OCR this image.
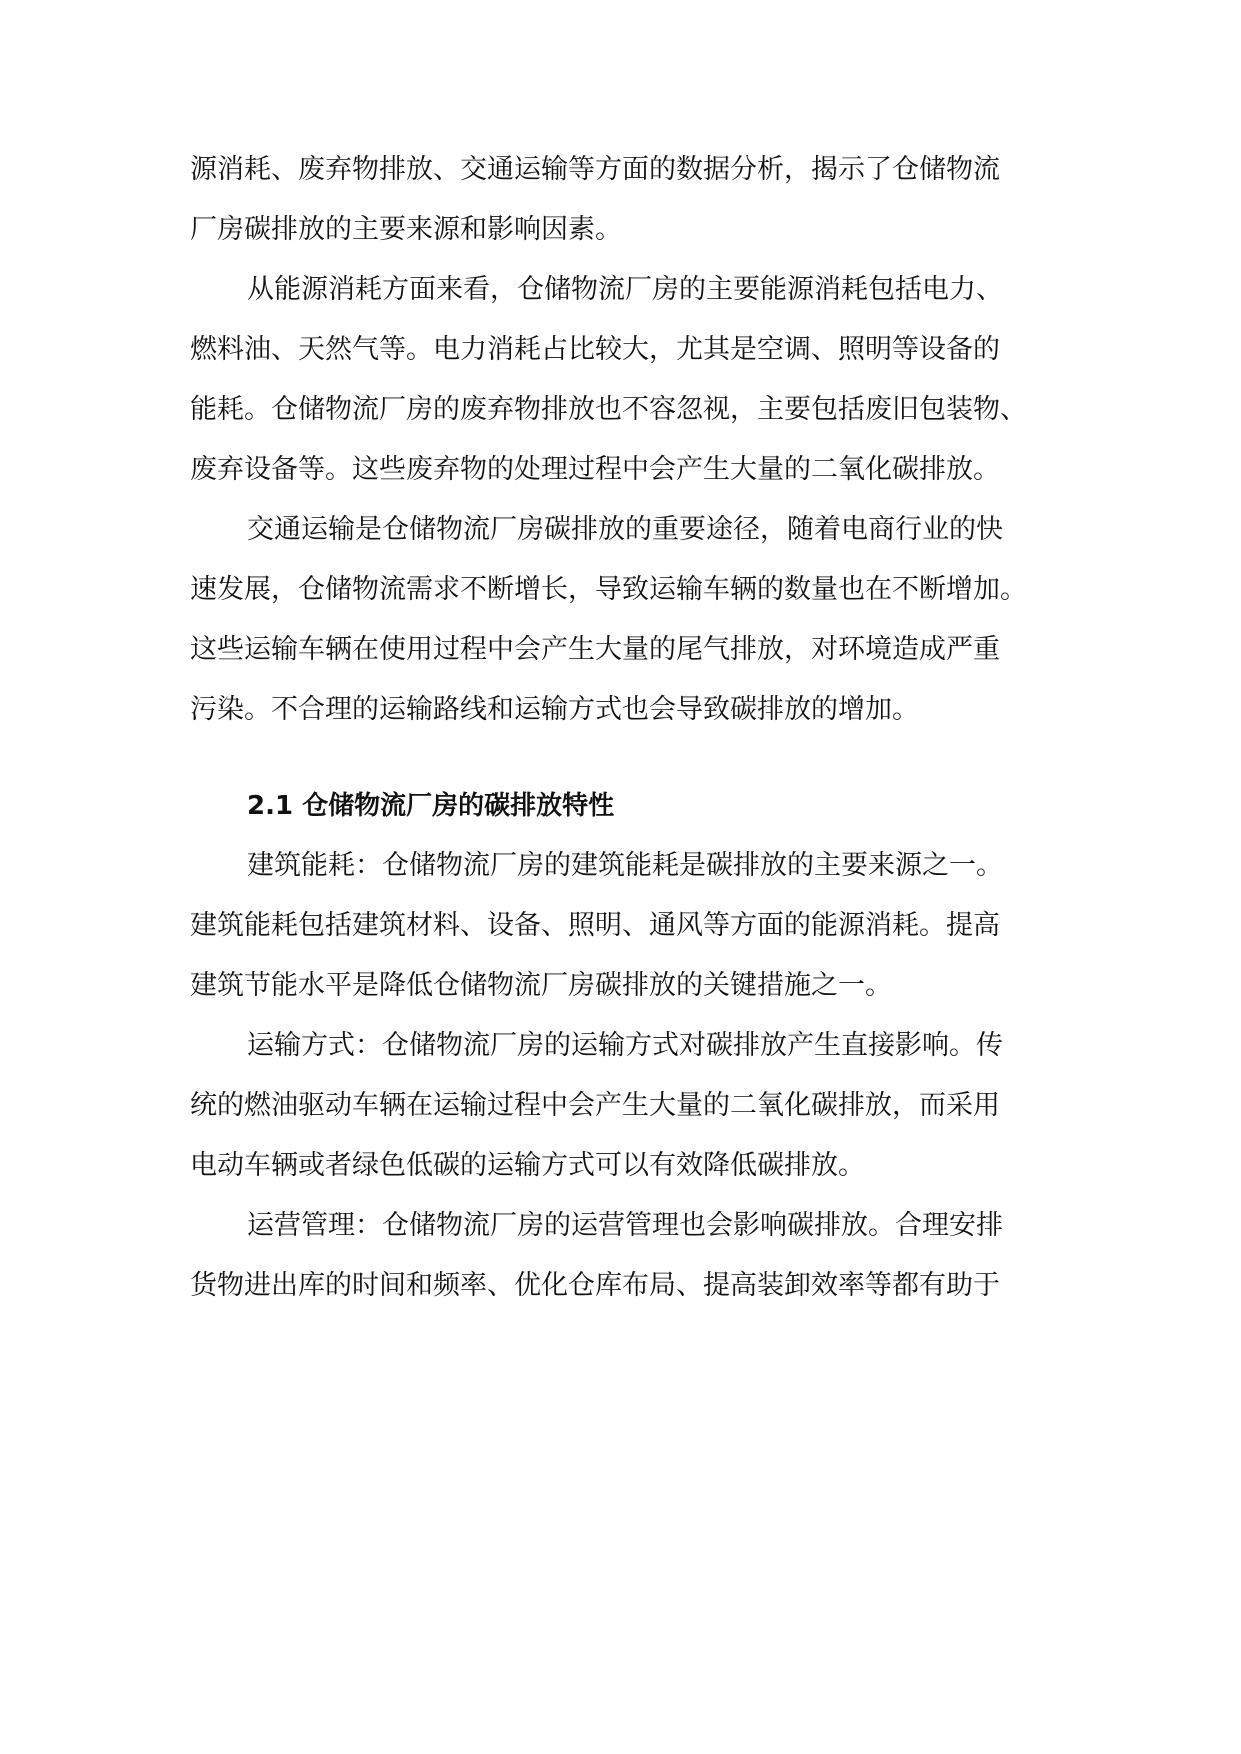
源消耗、废弃物排放、交通运输等方面的数据分析，揭示了仓储物流
厂房碳排放的主要来源和影响因素。
从能源消耗方面来看，仓储物流厂房的主要能源消耗包括电力、
燃料油、天然气等。电力消耗占比较大，尤其是空调、照明等设备的
能耗。仓储物流厂房的废弃物排放也不容忽视，主要包括废旧包装物、
废弃设备等。这些废弃物的处理过程中会产生大量的二氧化碳排放。
交通运输是仓储物流厂房碳排放的重要途径，随着电商行业的快
速发展，仓储物流需求不断增长，导致运输车辆的数量也在不断增加。
这些运输车辆在使用过程中会产生大量的尾气排放，对环境造成严重
污染。不合理的运输路线和运输方式也会导致碳排放的增加。
2.1 仓储物流厂房的碳排放特性
建筑能耗：仓储物流厂房的建筑能耗是碳排放的主要来源之一。
建筑能耗包括建筑材料、设备、照明、通风等方面的能源消耗。提高
建筑节能水平是降低仓储物流厂房碳排放的关键措施之一。
运输方式：仓储物流厂房的运输方式对碳排放产生直接影响。传
统的燃油驱动车辆在运输过程中会产生大量的二氧化碳排放，而采用
电动车辆或者绿色低碳的运输方式可以有效降低碳排放。
运营管理：仓储物流厂房的运营管理也会影响碳排放。合理安排
货物进出库的时间和频率、优化仓库布局、提高装卸效率等都有助于
